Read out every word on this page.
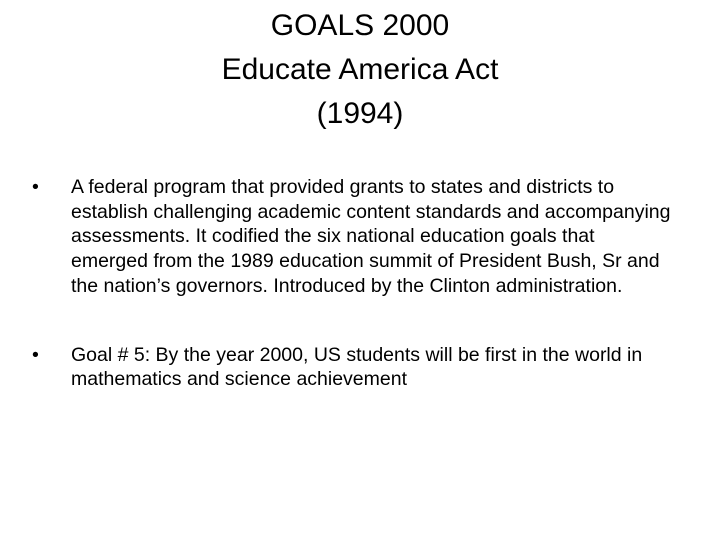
GOALS 2000
Educate America Act
(1994)
•	A federal program that provided grants to states and districts to establish challenging academic content standards and accompanying assessments. It codified the six national education goals that emerged from the 1989 education summit of President Bush, Sr and the nation’s governors. Introduced by the Clinton administration.
•	Goal # 5: By the year 2000, US students will be first in the world in mathematics and science achievement
